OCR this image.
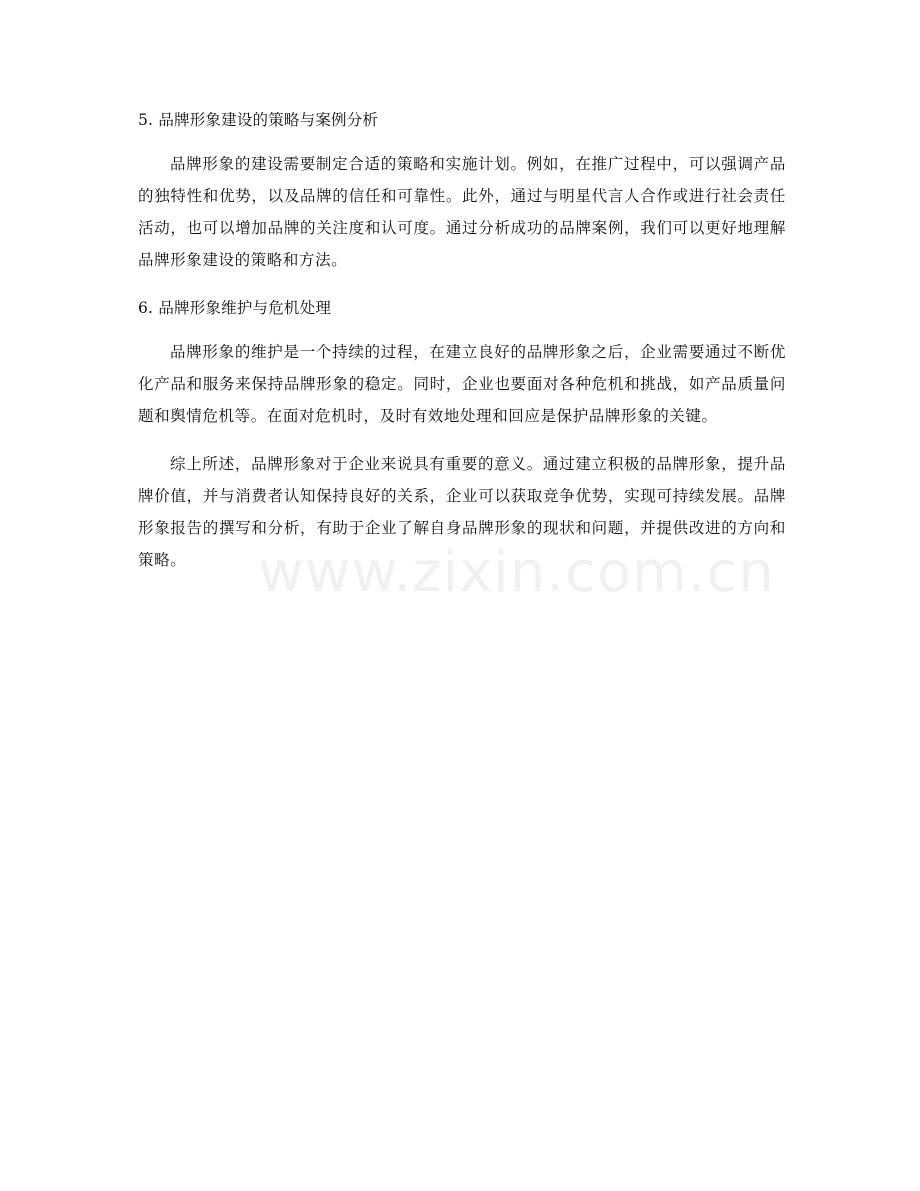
5. 品牌形象建设的策略与案例分析

品牌形象的建设需要制定合适的策略和实施计划。例如，在推广过程中，可以强调产品的独特性和优势，以及品牌的信任和可靠性。此外，通过与明星代言人合作或进行社会责任活动，也可以增加品牌的关注度和认可度。通过分析成功的品牌案例，我们可以更好地理解品牌形象建设的策略和方法。

6. 品牌形象维护与危机处理

品牌形象的维护是一个持续的过程，在建立良好的品牌形象之后，企业需要通过不断优化产品和服务来保持品牌形象的稳定。同时，企业也要面对各种危机和挑战，如产品质量问题和舆情危机等。在面对危机时，及时有效地处理和回应是保护品牌形象的关键。

综上所述，品牌形象对于企业来说具有重要的意义。通过建立积极的品牌形象，提升品牌价值，并与消费者认知保持良好的关系，企业可以获取竞争优势，实现可持续发展。品牌形象报告的撰写和分析，有助于企业了解自身品牌形象的现状和问题，并提供改进的方向和策略。	www.zixin.com.cn
